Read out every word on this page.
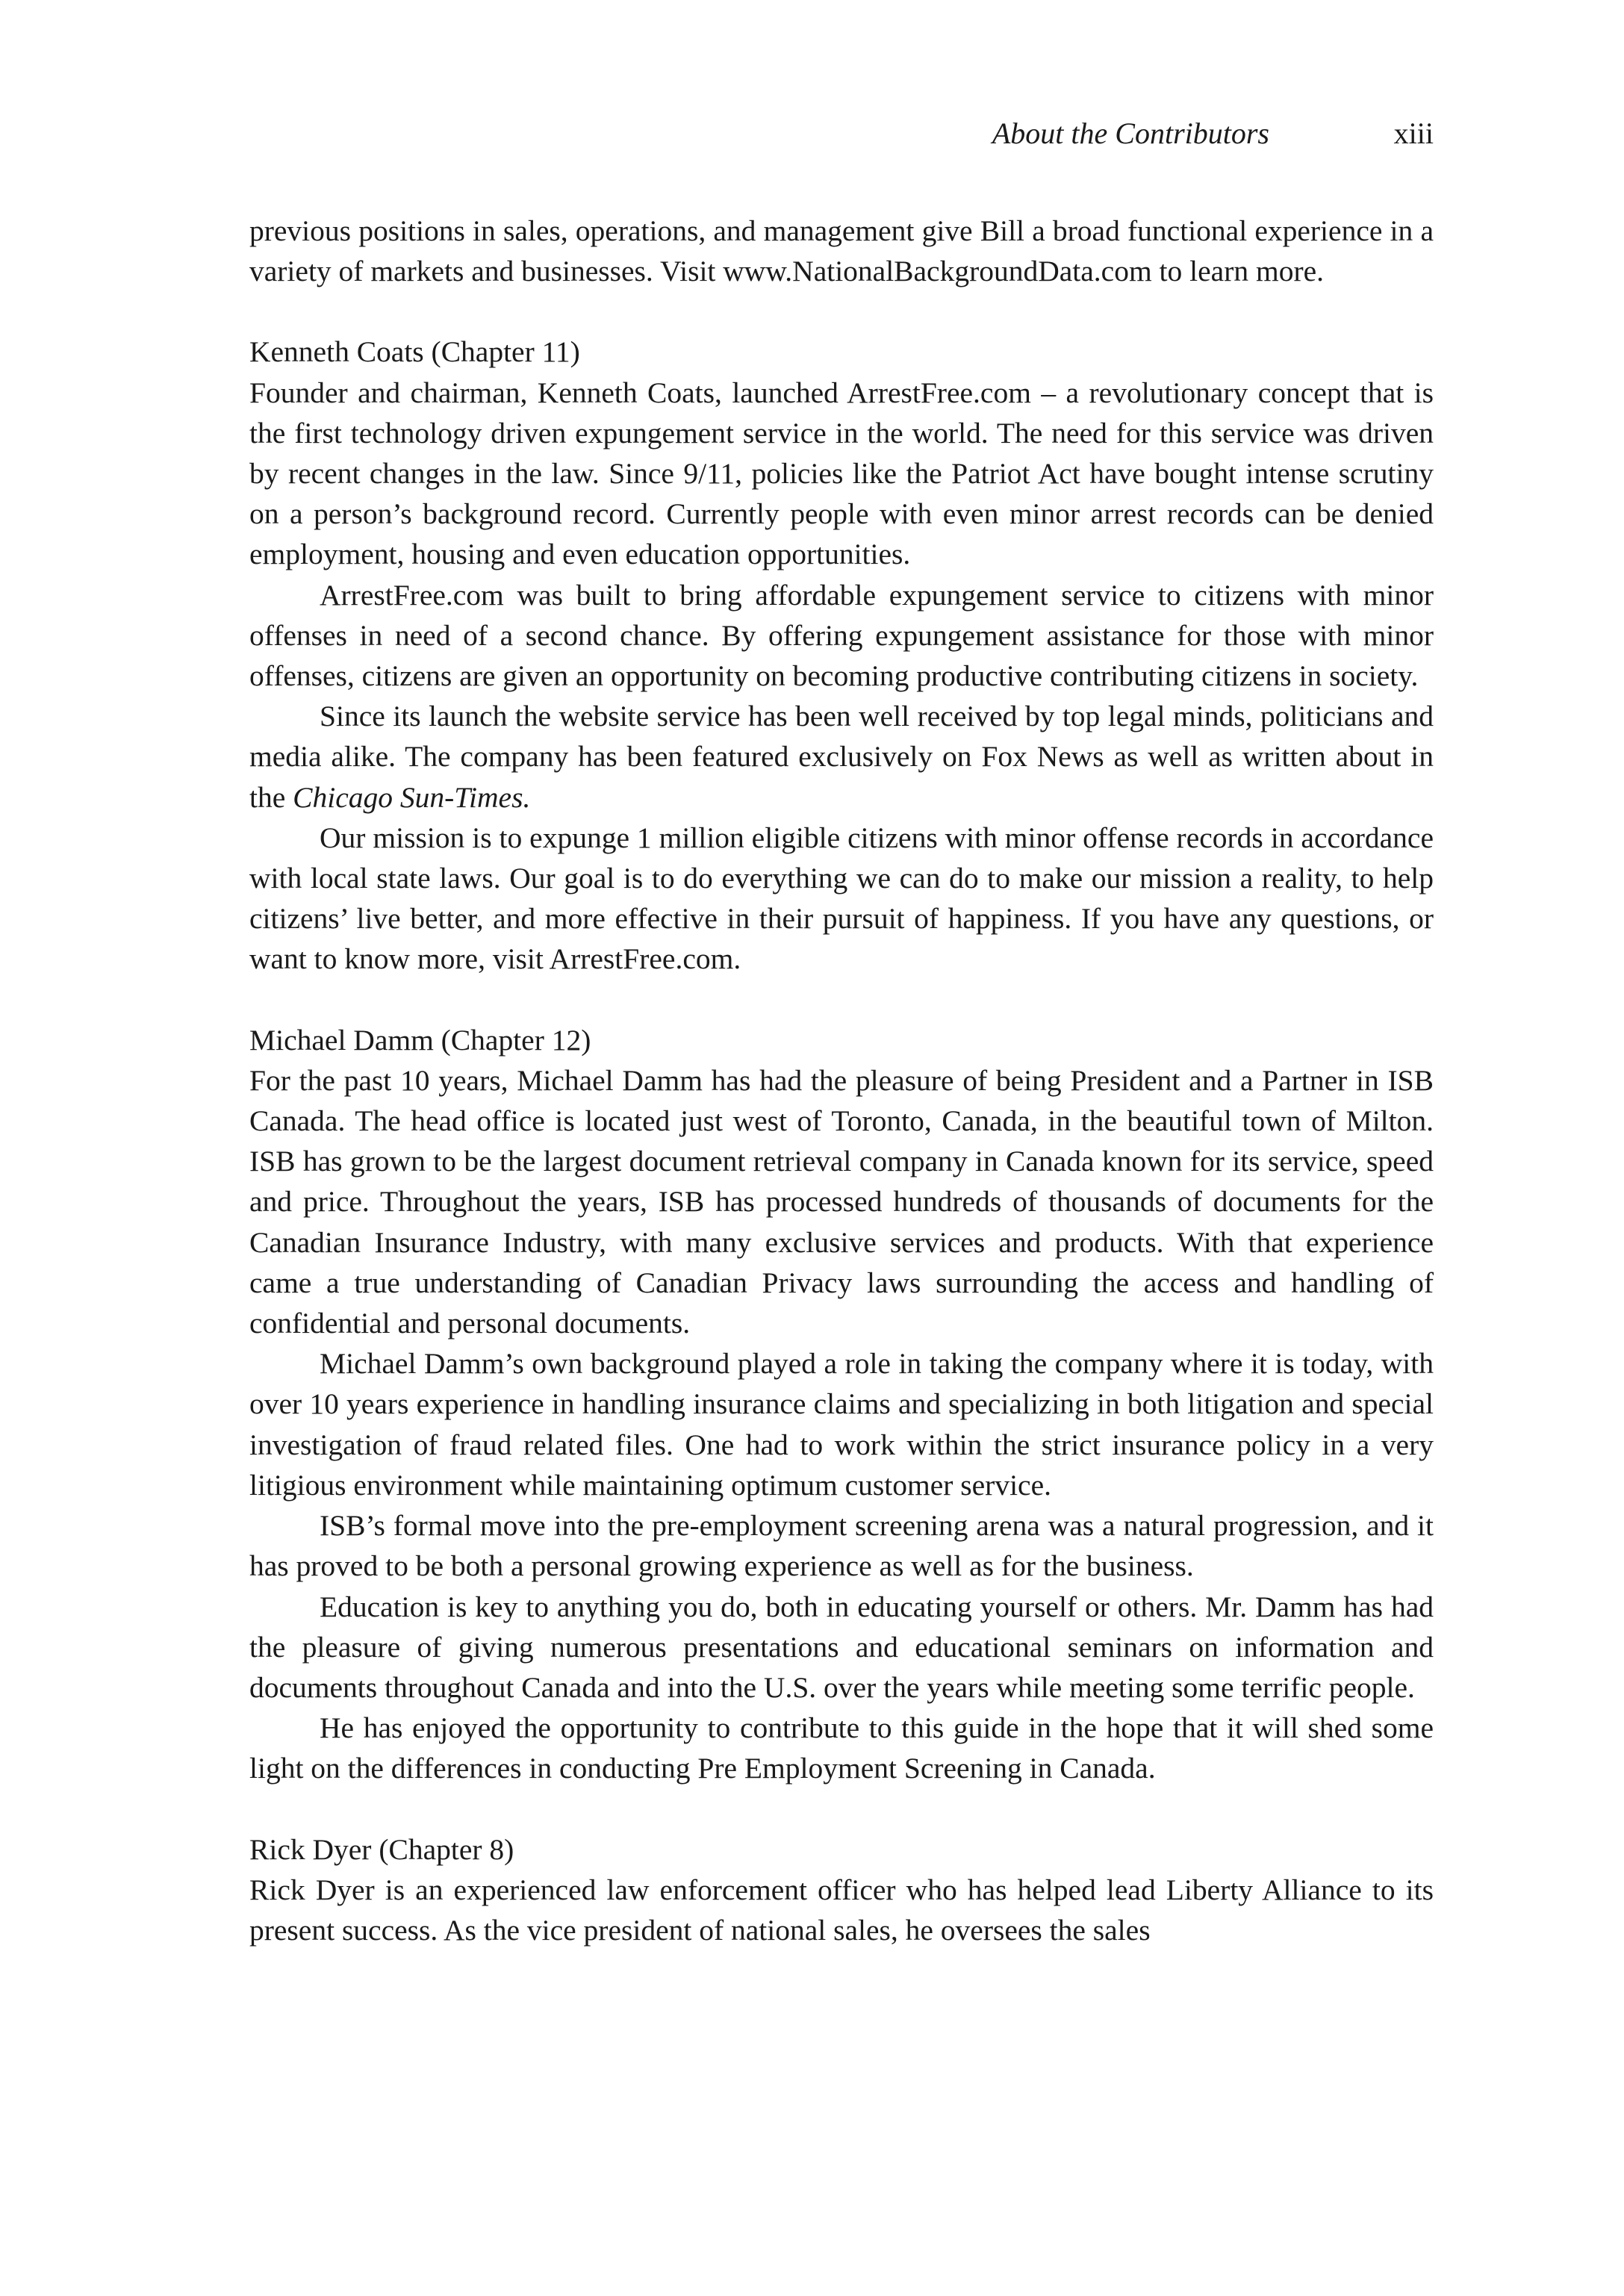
About the Contributors	xiii

previous positions in sales, operations, and management give Bill a broad functional experience in a variety of markets and businesses. Visit www.NationalBackgroundData.com to learn more.

Kenneth Coats (Chapter 11)

Founder and chairman, Kenneth Coats, launched ArrestFree.com – a revolutionary concept that is the first technology driven expungement service in the world. The need for this service was driven by recent changes in the law. Since 9/11, policies like the Patriot Act have bought intense scrutiny on a person’s background record. Currently people with even minor arrest records can be denied employment, housing and even education opportunities.

ArrestFree.com was built to bring affordable expungement service to citizens with minor offenses in need of a second chance. By offering expungement assistance for those with minor offenses, citizens are given an opportunity on becoming productive contributing citizens in society.

Since its launch the website service has been well received by top legal minds, politicians and media alike. The company has been featured exclusively on Fox News as well as written about in the Chicago Sun-Times.

Our mission is to expunge 1 million eligible citizens with minor offense records in accordance with local state laws. Our goal is to do everything we can do to make our mission a reality, to help citizens’ live better, and more effective in their pursuit of happiness. If you have any questions, or want to know more, visit ArrestFree.com.

Michael Damm (Chapter 12)

For the past 10 years, Michael Damm has had the pleasure of being President and a Partner in ISB Canada. The head office is located just west of Toronto, Canada, in the beautiful town of Milton. ISB has grown to be the largest document retrieval company in Canada known for its service, speed and price. Throughout the years, ISB has processed hundreds of thousands of documents for the Canadian Insurance Industry, with many exclusive services and products. With that experience came a true understanding of Canadian Privacy laws surrounding the access and handling of confidential and personal documents.

Michael Damm’s own background played a role in taking the company where it is today, with over 10 years experience in handling insurance claims and specializing in both litigation and special investigation of fraud related files. One had to work within the strict insurance policy in a very litigious environment while maintaining optimum customer service.

ISB’s formal move into the pre-employment screening arena was a natural progression, and it has proved to be both a personal growing experience as well as for the business.

Education is key to anything you do, both in educating yourself or others. Mr. Damm has had the pleasure of giving numerous presentations and educational seminars on information and documents throughout Canada and into the U.S. over the years while meeting some terrific people.

He has enjoyed the opportunity to contribute to this guide in the hope that it will shed some light on the differences in conducting Pre Employment Screening in Canada.

Rick Dyer (Chapter 8)

Rick Dyer is an experienced law enforcement officer who has helped lead Liberty Alliance to its present success. As the vice president of national sales, he oversees the sales
